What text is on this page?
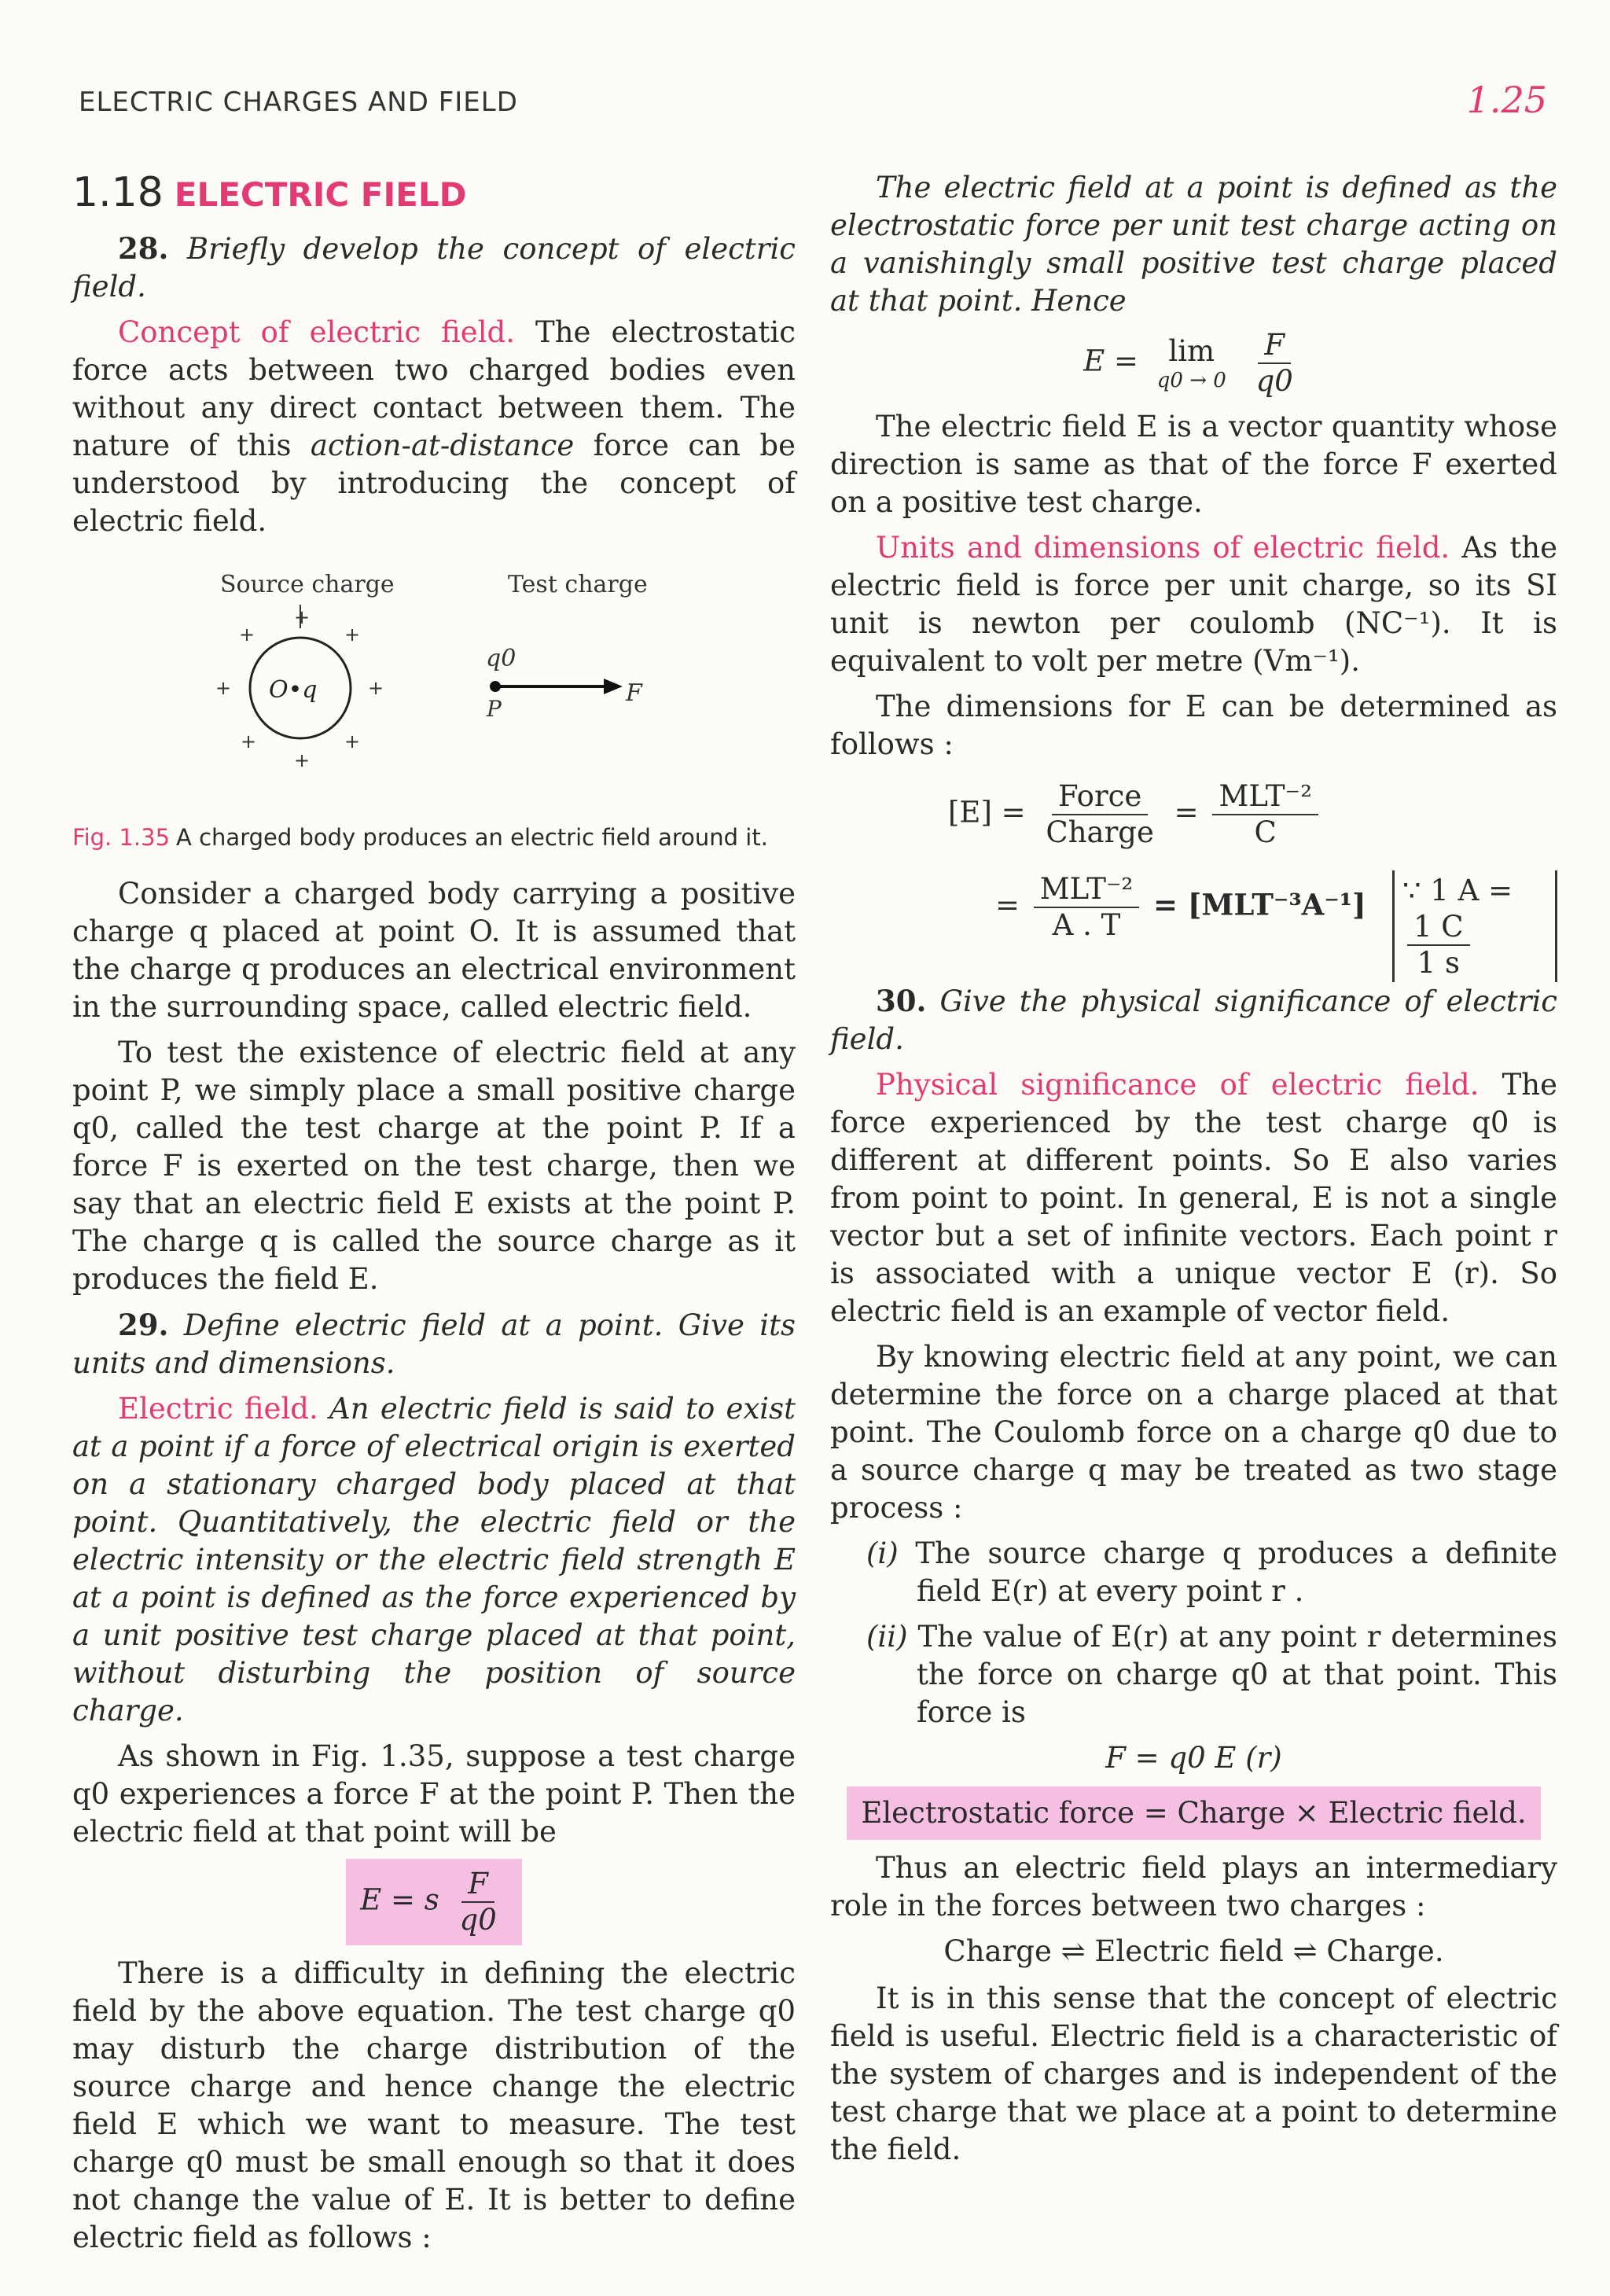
ELECTRIC CHARGES AND FIELD	1.25
1.18 ELECTRIC FIELD

28. Briefly develop the concept of electric field.

Concept of electric field. The electrostatic force acts between two charged bodies even without any direct contact between them. The nature of this action-at-distance force can be understood by introducing the concept of electric field.

Source charge	Test charge
O•q
+
+	+
+	+
+	+
+
q0
F
P
Fig. 1.35 A charged body produces an electric field around it.

Consider a charged body carrying a positive charge q placed at point O. It is assumed that the charge q produces an electrical environment in the surrounding space, called electric field.

To test the existence of electric field at any point P, we simply place a small positive charge q0, called the test charge at the point P. If a force F is exerted on the test charge, then we say that an electric field E exists at the point P. The charge q is called the source charge as it produces the field E.

29. Define electric field at a point. Give its units and dimensions.

Electric field. An electric field is said to exist at a point if a force of electrical origin is exerted on a stationary charged body placed at that point. Quantitatively, the electric field or the electric intensity or the electric field strength E at a point is defined as the force experienced by a unit positive test charge placed at that point, without disturbing the position of source charge.

As shown in Fig. 1.35, suppose a test charge q0 experiences a force F at the point P. Then the electric field at that point will be

E = s $\frac{F}{q0}$

There is a difficulty in defining the electric field by the above equation. The test charge q0 may disturb the charge distribution of the source charge and hence change the electric field E which we want to measure. The test charge q0 must be small enough so that it does not change the value of E. It is better to define electric field as follows :

The electric field at a point is defined as the electrostatic force per unit test charge acting on a vanishingly small positive test charge placed at that point. Hence

E = lim
q0 → 0
$\frac{F}{q0}$

The electric field E is a vector quantity whose direction is same as that of the force F exerted on a positive test charge.

Units and dimensions of electric field. As the electric field is force per unit charge, so its SI unit is newton per coulomb (NC⁻¹). It is equivalent to volt per metre (Vm⁻¹).

The dimensions for E can be determined as follows :

$[E] = \frac{\text{Force}}{\text{Charge}} = \frac{\text{MLT⁻²}}{C}$
= $\frac{\text{MLT⁻²}}{A . T} = [MLT^{-3}A^{-1}]$	∵ 1 A =
$\frac{1 C}{1 s}$

30. Give the physical significance of electric field.

Physical significance of electric field. The force experienced by the test charge q0 is different at different points. So E also varies from point to point. In general, E is not a single vector but a set of infinite vectors. Each point r is associated with a unique vector E (r). So electric field is an example of vector field.

By knowing electric field at any point, we can determine the force on a charge placed at that point. The Coulomb force on a charge q0 due to a source charge q may be treated as two stage process :

(i) The source charge q produces a definite field E(r) at every point r .

(ii) The value of E(r) at any point r determines the force on charge q0 at that point. This force is

F = q0 E (r)
Electrostatic force = Charge × Electric field.

Thus an electric field plays an intermediary role in the forces between two charges :

Charge ⇌ Electric field ⇌ Charge.

It is in this sense that the concept of electric field is useful. Electric field is a characteristic of the system of charges and is independent of the test charge that we place at a point to determine the field.
